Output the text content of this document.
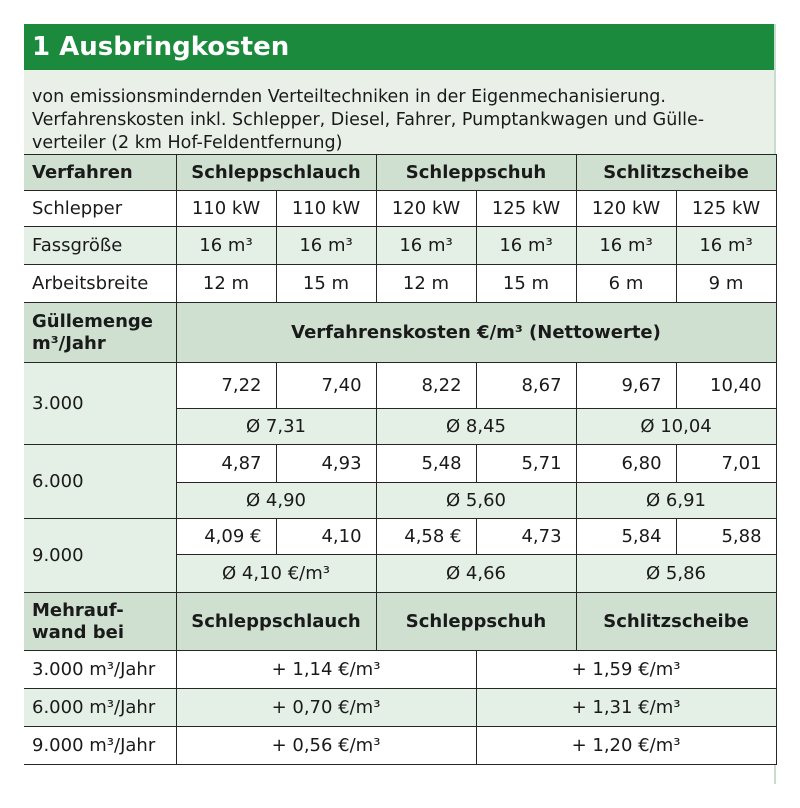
1 Ausbringkosten
von emissionsmindernden Verteiltechniken in der Eigenmechanisierung.
Verfahrenskosten inkl. Schlepper, Diesel, Fahrer, Pumptankwagen und Gülle-
verteiler (2 km Hof-Feldentfernung)
Verfahren	Schleppschlauch		Schleppschuh		Schlitzscheibe	
Schlepper	110 kW	110 kW	120 kW	125 kW	120 kW	125 kW
Fassgröße	16 m³	16 m³	16 m³	16 m³	16 m³	16 m³
Arbeitsbreite	12 m	15 m	12 m	15 m	6 m	9 m

Güllemenge
m³/Jahr	Verfahrenskosten €/m³ (Nettowerte)					
3.000	7,22	7,40	8,22	8,67	9,67	10,40
	Ø 7,31		Ø 8,45		Ø 10,04	
6.000	4,87	4,93	5,48	5,71	6,80	7,01
	Ø 4,90		Ø 5,60		Ø 6,91	
9.000	4,09 €	4,10	4,58 €	4,73	5,84	5,88
	Ø 4,10 €/m³		Ø 4,66		Ø 5,86	

Mehrauf-
wand bei	Schleppschlauch		Schleppschuh		Schlitzscheibe	
3.000 m³/Jahr	+ 1,14 €/m³			+ 1,59 €/m³		
6.000 m³/Jahr	+ 0,70 €/m³			+ 1,31 €/m³		
9.000 m³/Jahr	+ 0,56 €/m³			+ 1,20 €/m³		
